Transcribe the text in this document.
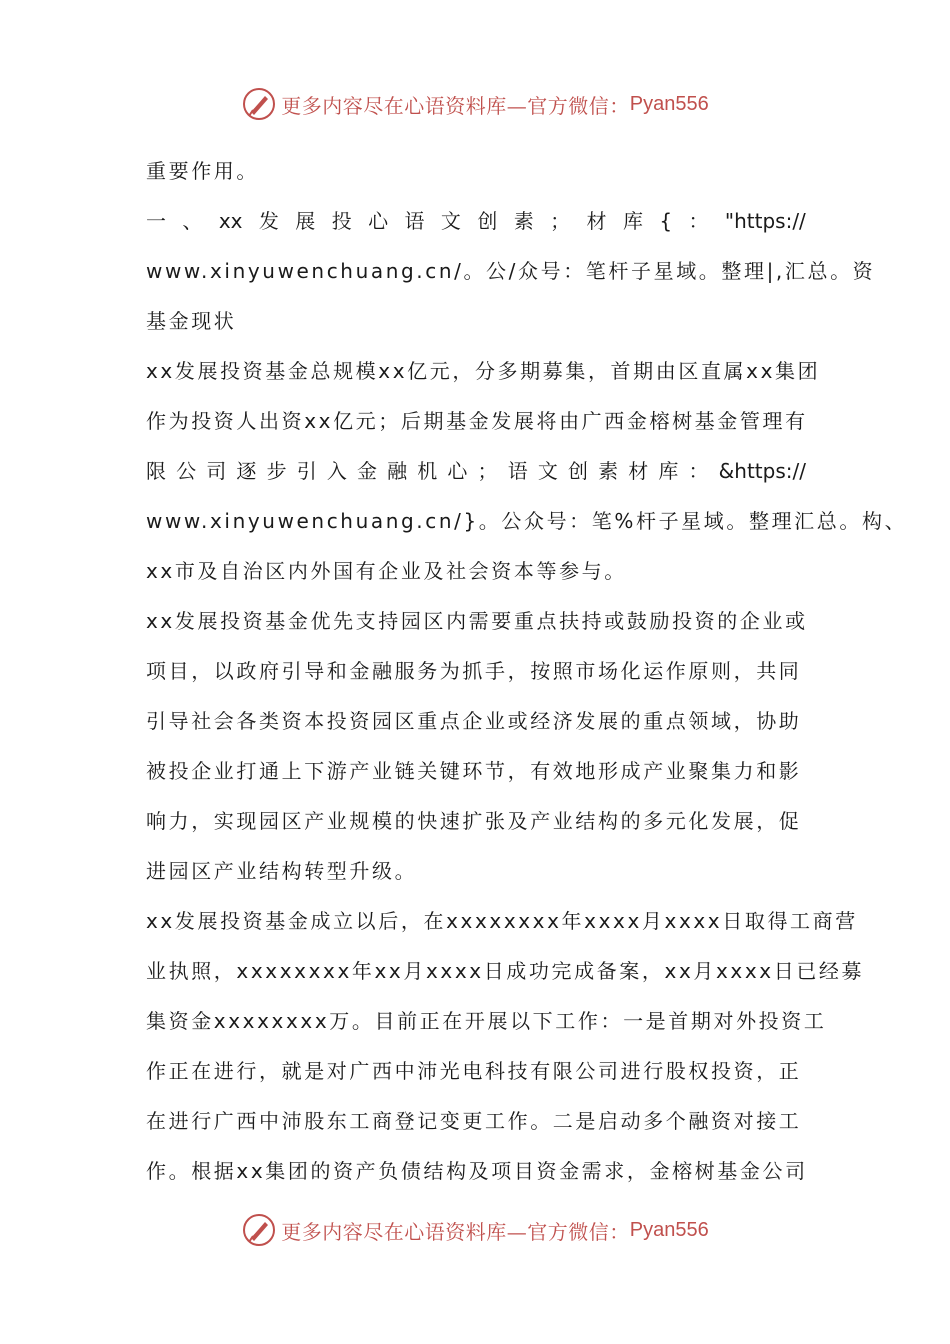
更多内容尽在心语资料库—官方微信： Pyan556
重要作用。
一 、 xx 发 展 投 心 语 文 创 素 ； 材 库 { ： "https://
www.xinyuwenchuang.cn/。公/众号：笔杆子星域。整理|,汇总。资
基金现状
xx发展投资基金总规模xx亿元，分多期募集，首期由区直属xx集团
作为投资人出资xx亿元；后期基金发展将由广西金榕树基金管理有
限 公 司 逐 步 引 入 金 融 机 心 ； 语 文 创 素 材 库 ： &https://
www.xinyuwenchuang.cn/}。公众号：笔%杆子星域。整理汇总。构、
xx市及自治区内外国有企业及社会资本等参与。
xx发展投资基金优先支持园区内需要重点扶持或鼓励投资的企业或
项目，以政府引导和金融服务为抓手，按照市场化运作原则，共同
引导社会各类资本投资园区重点企业或经济发展的重点领域，协助
被投企业打通上下游产业链关键环节，有效地形成产业聚集力和影
响力，实现园区产业规模的快速扩张及产业结构的多元化发展，促
进园区产业结构转型升级。
xx发展投资基金成立以后，在xxxxxxxx年xxxx月xxxx日取得工商营
业执照，xxxxxxxx年xx月xxxx日成功完成备案，xx月xxxx日已经募
集资金xxxxxxxx万。目前正在开展以下工作：一是首期对外投资工
作正在进行，就是对广西中沛光电科技有限公司进行股权投资，正
在进行广西中沛股东工商登记变更工作。二是启动多个融资对接工
作。根据xx集团的资产负债结构及项目资金需求，金榕树基金公司
更多内容尽在心语资料库—官方微信： Pyan556
